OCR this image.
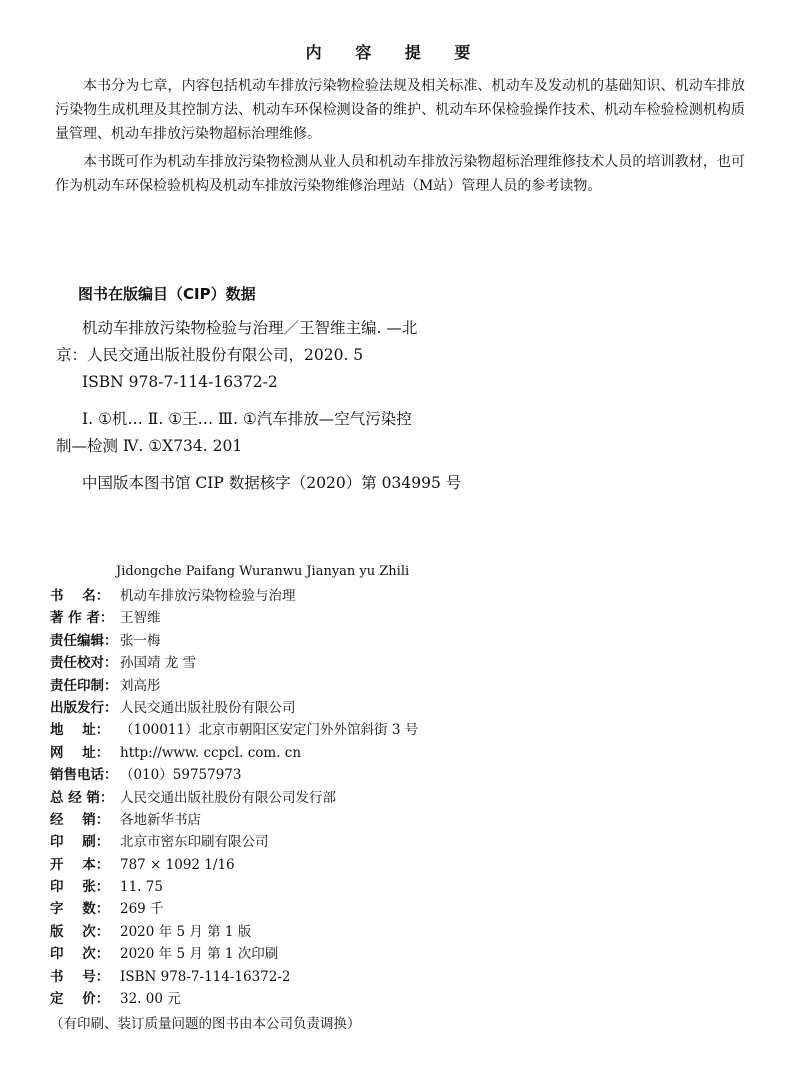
内 容 提 要

本书分为七章，内容包括机动车排放污染物检验法规及相关标准、机动车及发动机的基础知识、机动车排放污染物生成机理及其控制方法、机动车环保检测设备的维护、机动车环保检验操作技术、机动车检验检测机构质量管理、机动车排放污染物超标治理维修。

本书既可作为机动车排放污染物检测从业人员和机动车排放污染物超标治理维修技术人员的培训教材，也可作为机动车环保检验机构及机动车排放污染物维修治理站（M站）管理人员的参考读物。

图书在版编目（CIP）数据
机动车排放污染物检验与治理／王智维主编. —北
京：人民交通出版社股份有限公司，2020. 5
ISBN 978-7-114-16372-2
Ⅰ. ①机… Ⅱ. ①王… Ⅲ. ①汽车排放—空气污染控
制—检测 Ⅳ. ①X734. 201
中国版本图书馆 CIP 数据核字（2020）第 034995 号
Jidongche Paifang Wuranwu Jianyan yu Zhili
书    名： 机动车排放污染物检验与治理
著 作 者： 王智维
责任编辑： 张一梅
责任校对： 孙国靖 龙 雪
责任印制： 刘高彤
出版发行： 人民交通出版社股份有限公司
地    址： （100011）北京市朝阳区安定门外外馆斜街 3 号
网    址： http://www. ccpcl. com. cn
销售电话： （010）59757973
总 经 销： 人民交通出版社股份有限公司发行部
经    销： 各地新华书店
印    刷： 北京市密东印刷有限公司
开    本： 787 × 1092 1/16
印    张： 11. 75
字    数： 269 千
版    次： 2020 年 5 月 第 1 版
印    次： 2020 年 5 月 第 1 次印刷
书    号： ISBN 978-7-114-16372-2
定    价： 32. 00 元
（有印刷、装订质量问题的图书由本公司负责调换）
